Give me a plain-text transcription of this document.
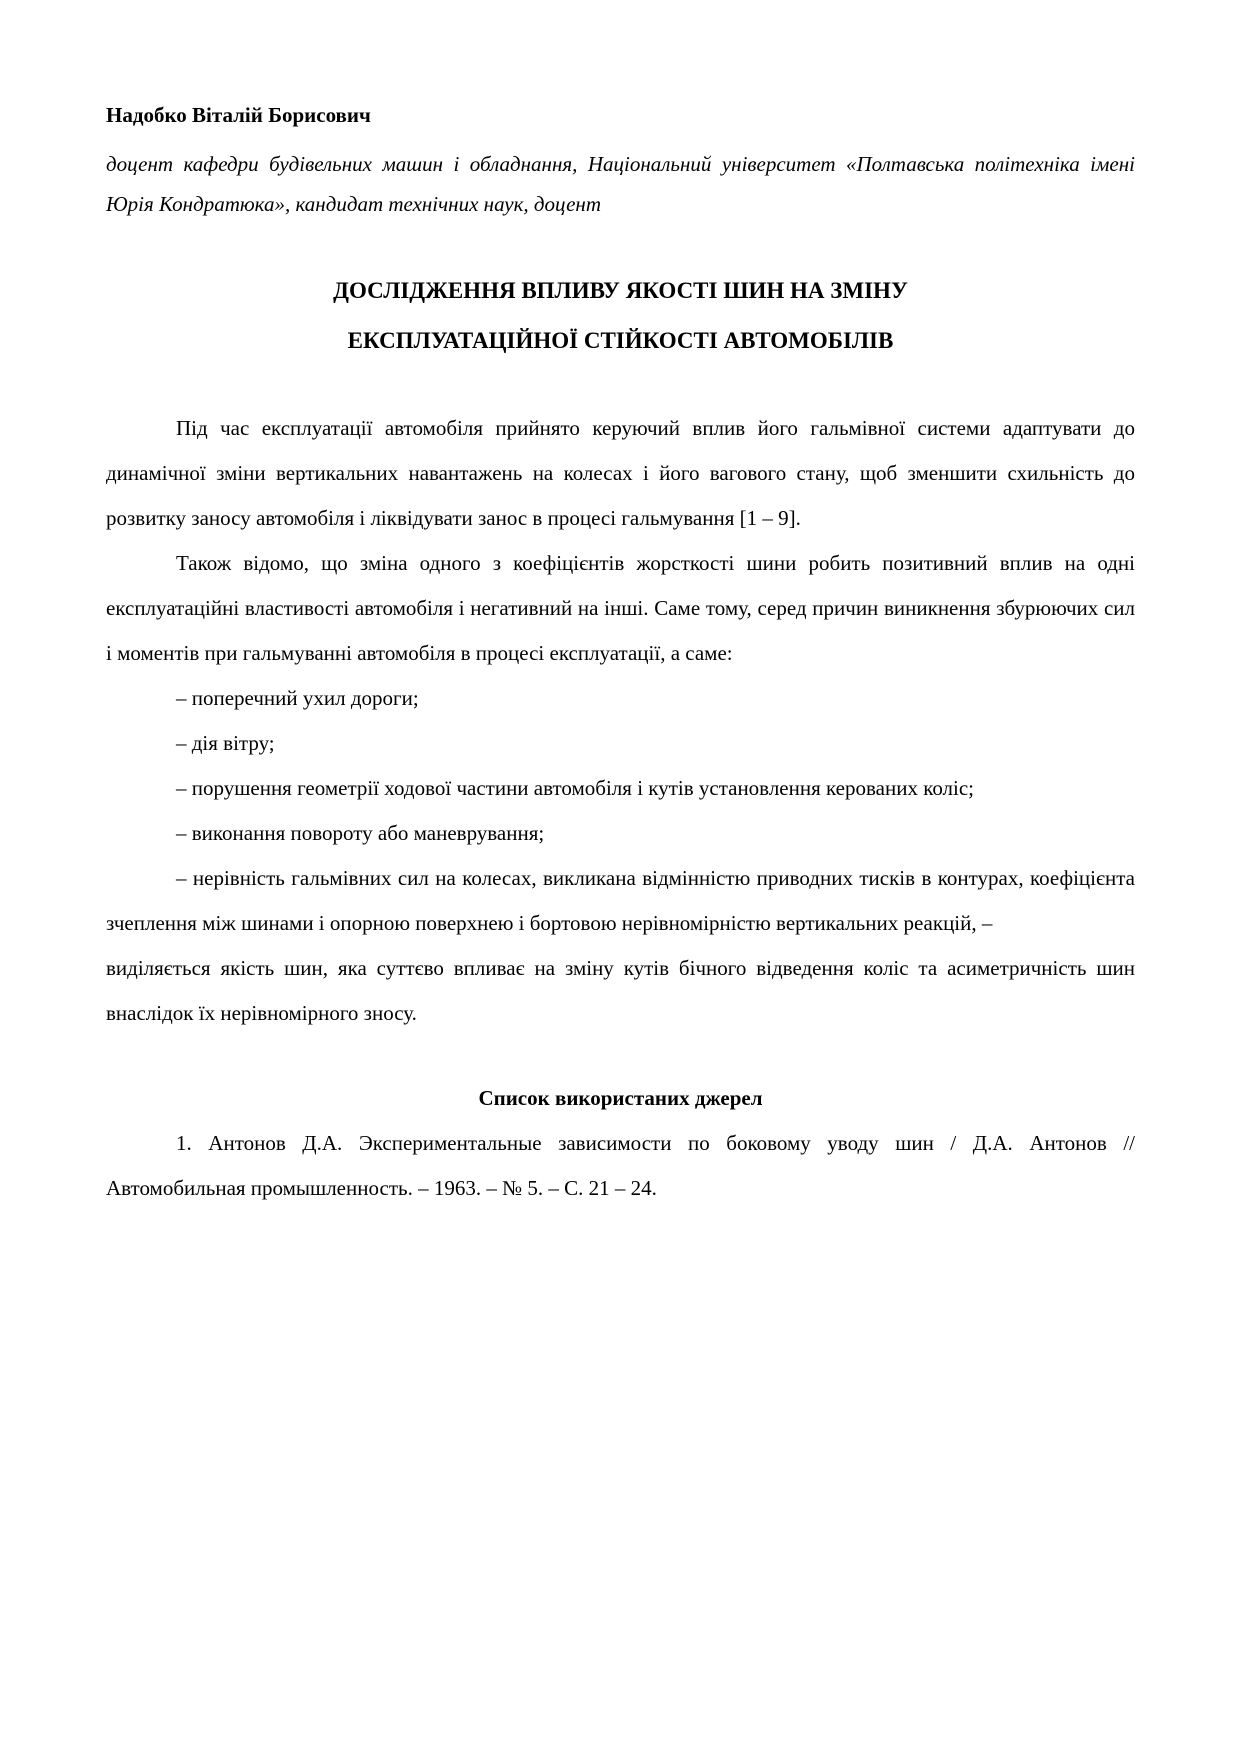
Надобко Віталій Борисович

доцент кафедри будівельних машин і обладнання, Національний університет «Полтавська політехніка імені Юрія Кондратюка», кандидат технічних наук, доцент

ДОСЛІДЖЕННЯ ВПЛИВУ ЯКОСТІ ШИН НА ЗМІНУ
ЕКСПЛУАТАЦІЙНОЇ СТІЙКОСТІ АВТОМОБІЛІВ

Під час експлуатації автомобіля прийнято керуючий вплив його гальмівної системи адаптувати до динамічної зміни вертикальних навантажень на колесах і його вагового стану, щоб зменшити схильність до розвитку заносу автомобіля і ліквідувати занос в процесі гальмування [1 – 9].

Також відомо, що зміна одного з коефіцієнтів жорсткості шини робить позитивний вплив на одні експлуатаційні властивості автомобіля і негативний на інші. Саме тому, серед причин виникнення збурюючих сил і моментів при гальмуванні автомобіля в процесі експлуатації, а саме:

– поперечний ухил дороги;

– дія вітру;

– порушення геометрії ходової частини автомобіля і кутів установлення керованих коліс;

– виконання повороту або маневрування;

– нерівність гальмівних сил на колесах, викликана відмінністю приводних тисків в контурах, коефіцієнта зчеплення між шинами і опорною поверхнею і бортовою нерівномірністю вертикальних реакцій, –

виділяється якість шин, яка суттєво впливає на зміну кутів бічного відведення коліс та асиметричність шин внаслідок їх нерівномірного зносу.

Список використаних джерел

1. Антонов Д.А. Экспериментальные зависимости по боковому уводу шин / Д.А. Антонов // Автомобильная промышленность. – 1963. – № 5. – С. 21 – 24.
